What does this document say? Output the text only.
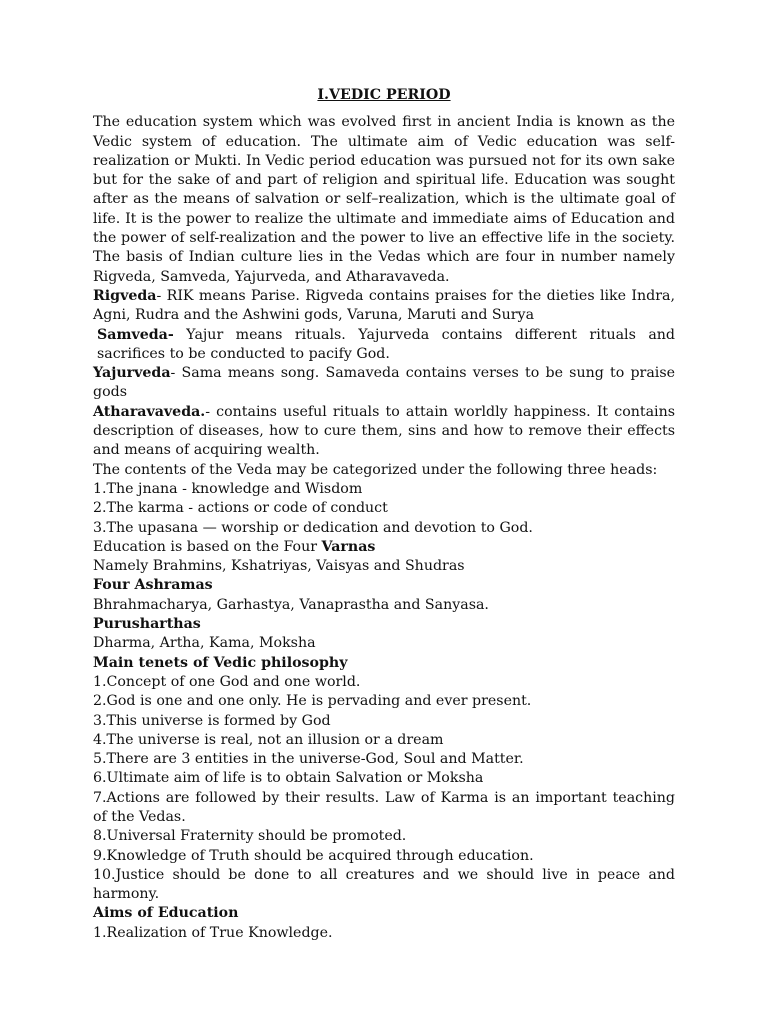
I.VEDIC PERIOD

The education system which was evolved first in ancient India is known as the Vedic system of education. The ultimate aim of Vedic education was self-realization or Mukti. In Vedic period education was pursued not for its own sake but for the sake of and part of religion and spiritual life. Education was sought after as the means of salvation or self–realization, which is the ultimate goal of life. It is the power to realize the ultimate and immediate aims of Education and the power of self-realization and the power to live an effective life in the society. The basis of Indian culture lies in the Vedas which are four in number namely Rigveda, Samveda, Yajurveda, and Atharavaveda.

Rigveda- RIK means Parise. Rigveda contains praises for the dieties like Indra, Agni, Rudra and the Ashwini gods, Varuna, Maruti and Surya

Samveda- Yajur means rituals. Yajurveda contains different rituals and sacrifices to be conducted to pacify God.

Yajurveda- Sama means song. Samaveda contains verses to be sung to praise gods

Atharavaveda.- contains useful rituals to attain worldly happiness. It contains description of diseases, how to cure them, sins and how to remove their effects and means of acquiring wealth.

The contents of the Veda may be categorized under the following three heads:

1.The jnana - knowledge and Wisdom

2.The karma - actions or code of conduct

3.The upasana — worship or dedication and devotion to God.

Education is based on the Four Varnas

Namely Brahmins, Kshatriyas, Vaisyas and Shudras

Four Ashramas

Bhrahmacharya, Garhastya, Vanaprastha and Sanyasa.

Purusharthas

Dharma, Artha, Kama, Moksha

Main tenets of Vedic philosophy

1.Concept of one God and one world.

2.God is one and one only. He is pervading and ever present.

3.This universe is formed by God

4.The universe is real, not an illusion or a dream

5.There are 3 entities in the universe-God, Soul and Matter.

6.Ultimate aim of life is to obtain Salvation or Moksha

7.Actions are followed by their results. Law of Karma is an important teaching of the Vedas.

8.Universal Fraternity should be promoted.

9.Knowledge of Truth should be acquired through education.

10.Justice should be done to all creatures and we should live in peace and harmony.

Aims of Education

1.Realization of True Knowledge.
